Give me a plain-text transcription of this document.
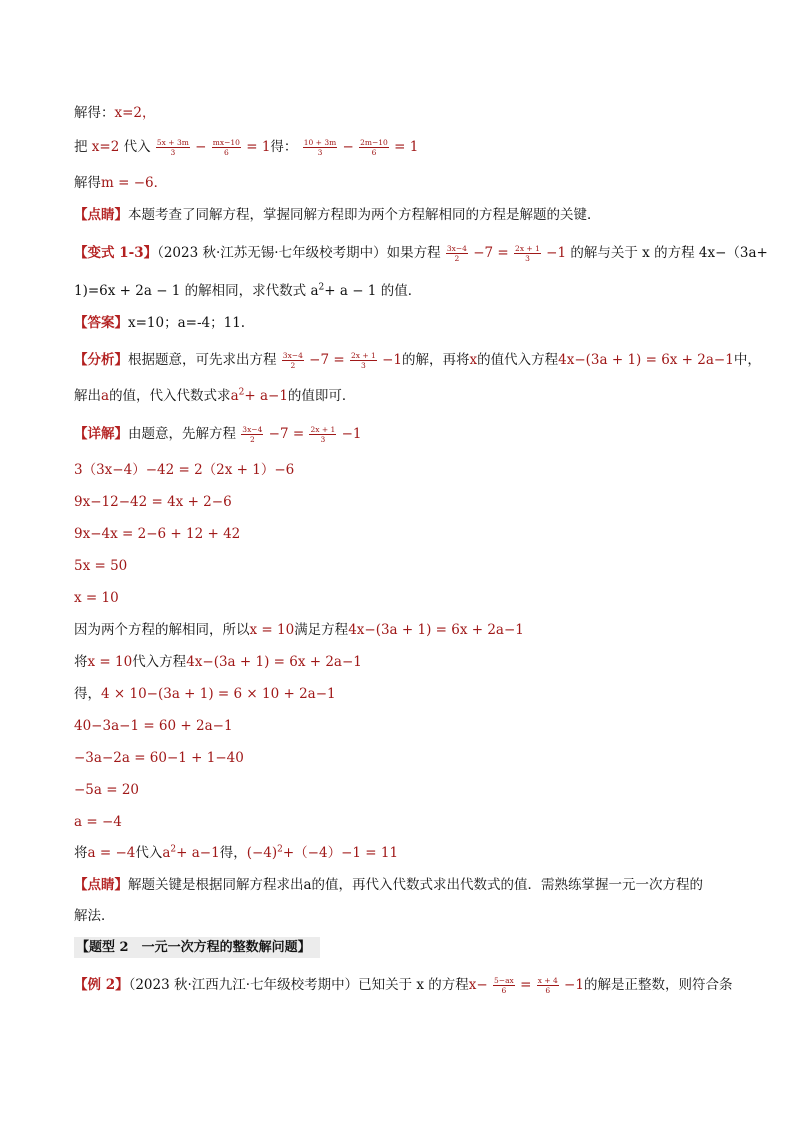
解得：x=2，
把 x=2 代入 $\frac{5x + 3m}{3} - \frac{mx-10}{6} = 1$得： $\frac{10 + 3m}{3} - \frac{2m-10}{6} = 1$
解得m = −6．
【点睛】本题考查了同解方程，掌握同解方程即为两个方程解相同的方程是解题的关键．
【变式 1-3】（2023 秋·江苏无锡·七年级校考期中）如果方程 $\frac{3x-4}{2} -7 = \frac{2x + 1}{3} -1$ 的解与关于 x 的方程 4x−（3a+
1)=6x + 2a − 1 的解相同，求代数式 $a^2+ a - 1$ 的值．
【答案】x=10；a=-4；11.
【分析】根据题意，可先求出方程 $\frac{3x-4}{2} -7 = \frac{2x + 1}{3} -1$的解，再将x的值代入方程4x−(3a + 1) = 6x + 2a−1中，
解出a的值，代入代数式求$a^2+ a-1$的值即可．
【详解】由题意，先解方程 $\frac{3x-4}{2} -7 = \frac{2x + 1}{3} -1$
3（3x−4）−42 = 2（2x + 1）−6
9x−12−42 = 4x + 2−6
9x−4x = 2−6 + 12 + 42
5x = 50
x = 10
因为两个方程的解相同，所以x = 10满足方程4x−(3a + 1) = 6x + 2a−1
将x = 10代入方程4x−(3a + 1) = 6x + 2a−1
得，4 × 10−(3a + 1) = 6 × 10 + 2a−1
40−3a−1 = 60 + 2a−1
−3a−2a = 60−1 + 1−40
−5a = 20
a = −4
将a = −4代入$a^2+ a-1$得，$(-4)^2+(-4)-1 = 11$
【点睛】解题关键是根据同解方程求出a的值，再代入代数式求出代数式的值．需熟练掌握一元一次方程的
解法．
【题型 2　一元一次方程的整数解问题】
【例 2】（2023 秋·江西九江·七年级校考期中）已知关于 x 的方程$x- \frac{5-ax}{6} = \frac{x + 4}{6} -1$的解是正整数，则符合条
